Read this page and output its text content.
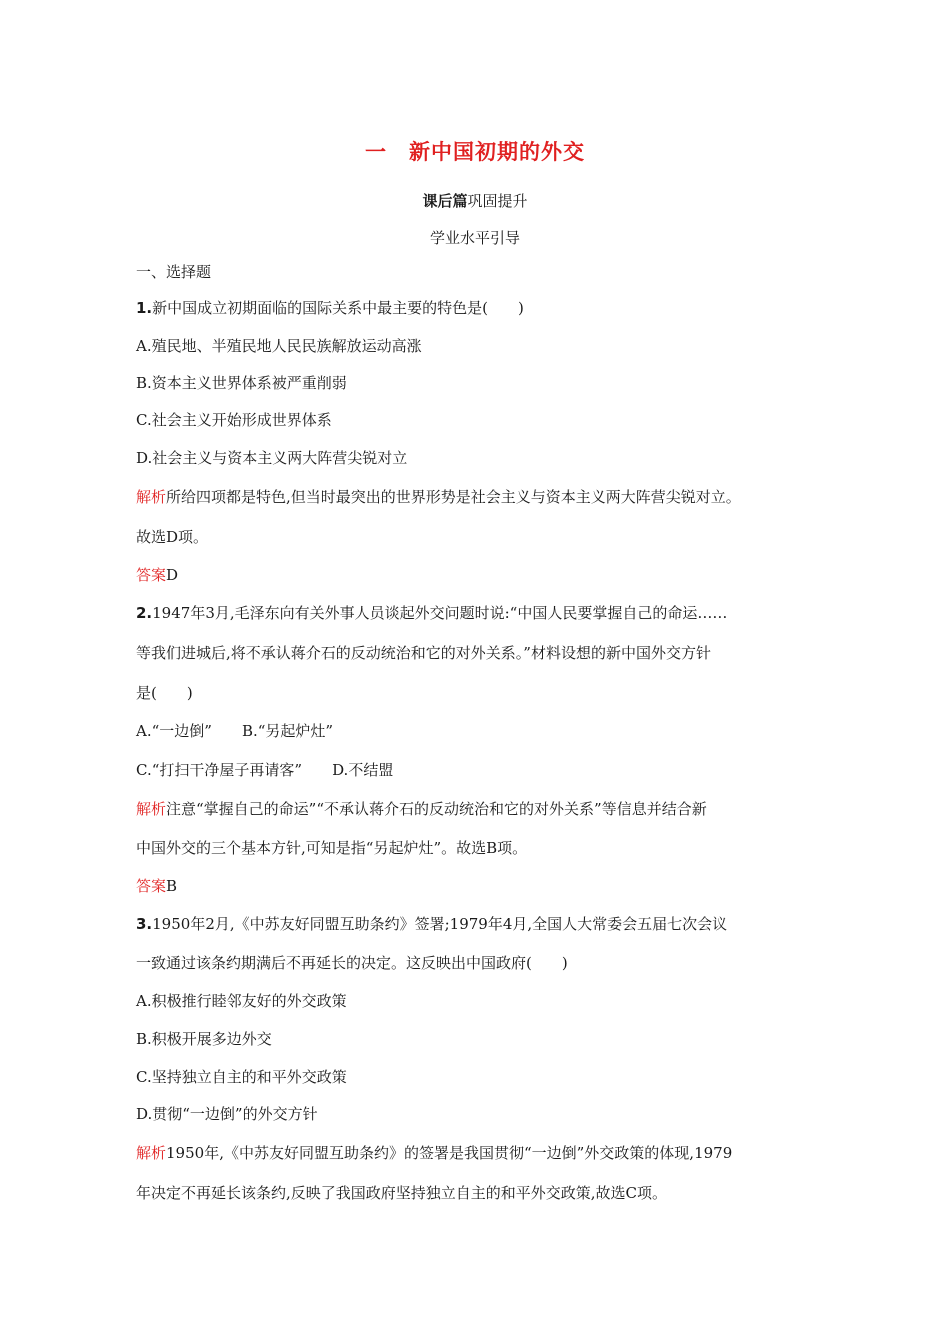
一　新中国初期的外交
课后篇巩固提升
学业水平引导
一、选择题
1.新中国成立初期面临的国际关系中最主要的特色是(　　)
A.殖民地、半殖民地人民民族解放运动高涨
B.资本主义世界体系被严重削弱
C.社会主义开始形成世界体系
D.社会主义与资本主义两大阵营尖锐对立
解析所给四项都是特色,但当时最突出的世界形势是社会主义与资本主义两大阵营尖锐对立。
故选D项。
答案D
2.1947年3月,毛泽东向有关外事人员谈起外交问题时说:“中国人民要掌握自己的命运……
等我们进城后,将不承认蒋介石的反动统治和它的对外关系。”材料设想的新中国外交方针
是(　　)
A.“一边倒” B.“另起炉灶”
C.“打扫干净屋子再请客” D.不结盟
解析注意“掌握自己的命运”“不承认蒋介石的反动统治和它的对外关系”等信息并结合新
中国外交的三个基本方针,可知是指“另起炉灶”。故选B项。
答案B
3.1950年2月,《中苏友好同盟互助条约》签署;1979年4月,全国人大常委会五届七次会议
一致通过该条约期满后不再延长的决定。这反映出中国政府(　　)
A.积极推行睦邻友好的外交政策
B.积极开展多边外交
C.坚持独立自主的和平外交政策
D.贯彻“一边倒”的外交方针
解析1950年,《中苏友好同盟互助条约》的签署是我国贯彻“一边倒”外交政策的体现,1979
年决定不再延长该条约,反映了我国政府坚持独立自主的和平外交政策,故选C项。
